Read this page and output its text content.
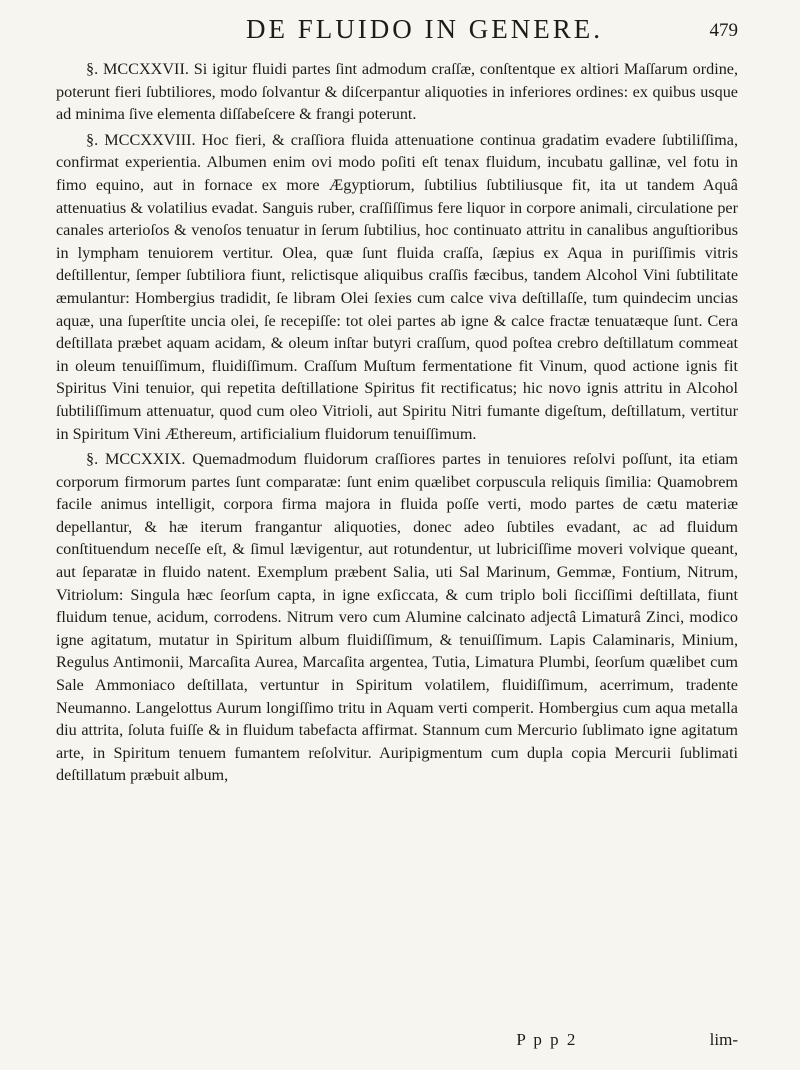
DE FLUIDO IN GENERE.	479

§. MCCXXVII. Si igitur fluidi partes ſint admodum craſſæ, conſtentque ex altiori Maſſarum ordine, poterunt fieri ſubtiliores, modo ſolvantur & diſcerpantur aliquoties in inferiores ordines: ex quibus usque ad minima ſive elementa diſſabeſcere & frangi poterunt.

§. MCCXXVIII. Hoc fieri, & craſſiora fluida attenuatione continua gradatim evadere ſubtiliſſima, confirmat experientia. Albumen enim ovi modo poſiti eſt tenax fluidum, incubatu gallinæ, vel fotu in fimo equino, aut in fornace ex more Ægyptiorum, ſubtilius ſubtiliusque fit, ita ut tandem Aquâ attenuatius & volatilius evadat. Sanguis ruber, craſſiſſimus fere liquor in corpore animali, circulatione per canales arterioſos & venoſos tenuatur in ſerum ſubtilius, hoc continuato attritu in canalibus anguſtioribus in lympham tenuiorem vertitur. Olea, quæ ſunt fluida craſſa, ſæpius ex Aqua in puriſſimis vitris deſtillentur, ſemper ſubtiliora fiunt, relictisque aliquibus craſſis fæcibus, tandem Alcohol Vini ſubtilitate æmulantur: Hombergius tradidit, ſe libram Olei ſexies cum calce viva deſtillaſſe, tum quindecim uncias aquæ, una ſuperſtite uncia olei, ſe recepiſſe: tot olei partes ab igne & calce fractæ tenuatæque ſunt. Cera deſtillata præbet aquam acidam, & oleum inſtar butyri craſſum, quod poſtea crebro deſtillatum commeat in oleum tenuiſſimum, fluidiſſimum. Craſſum Muſtum fermentatione fit Vinum, quod actione ignis fit Spiritus Vini tenuior, qui repetita deſtillatione Spiritus fit rectificatus; hic novo ignis attritu in Alcohol ſubtiliſſimum attenuatur, quod cum oleo Vitrioli, aut Spiritu Nitri fumante digeſtum, deſtillatum, vertitur in Spiritum Vini Æthereum, artificialium fluidorum tenuiſſimum.

§. MCCXXIX. Quemadmodum fluidorum craſſiores partes in tenuiores reſolvi poſſunt, ita etiam corporum firmorum partes ſunt comparatæ: ſunt enim quælibet corpuscula reliquis ſimilia: Quamobrem facile animus intelligit, corpora firma majora in fluida poſſe verti, modo partes de cætu materiæ depellantur, & hæ iterum frangantur aliquoties, donec adeo ſubtiles evadant, ac ad fluidum conſtituendum neceſſe eſt, & ſimul lævigentur, aut rotundentur, ut lubriciſſime moveri volvique queant, aut ſeparatæ in fluido natent. Exemplum præbent Salia, uti Sal Marinum, Gemmæ, Fontium, Nitrum, Vitriolum: Singula hæc ſeorſum capta, in igne exſiccata, & cum triplo boli ſicciſſimi deſtillata, fiunt fluidum tenue, acidum, corrodens. Nitrum vero cum Alumine calcinato adjectâ Limaturâ Zinci, modico igne agitatum, mutatur in Spiritum album fluidiſſimum, & tenuiſſimum. Lapis Calaminaris, Minium, Regulus Antimonii, Marcaſita Aurea, Marcaſita argentea, Tutia, Limatura Plumbi, ſeorſum quælibet cum Sale Ammoniaco deſtillata, vertuntur in Spiritum volatilem, fluidiſſimum, acerrimum, tradente Neumanno. Langelottus Aurum longiſſimo tritu in Aquam verti comperit. Hombergius cum aqua metalla diu attrita, ſoluta fuiſſe & in fluidum tabefacta affirmat. Stannum cum Mercurio ſublimato igne agitatum arte, in Spiritum tenuem fumantem reſolvitur. Auripigmentum cum dupla copia Mercurii ſublimati deſtillatum præbuit album,

P p p 2	lim-
